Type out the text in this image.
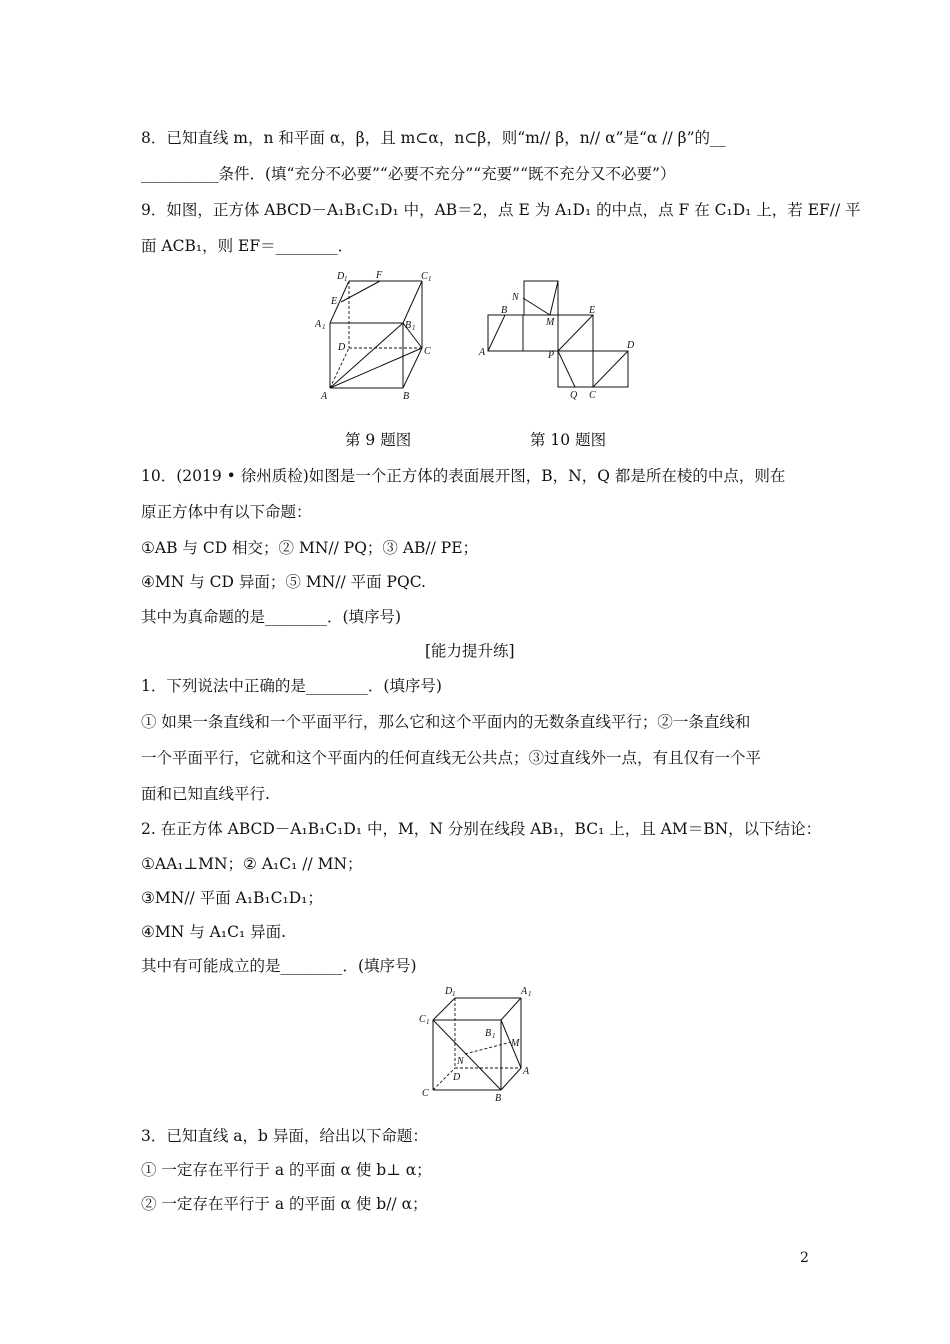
8．已知直线 m，n 和平面 α，β，且 m⊂α，n⊂β，则“m// β，n// α”是“α // β”的__
__________条件．(填“充分不必要”“必要不充分”“充要”“既不充分又不必要”）
9．如图，正方体 ABCD－A₁B₁C₁D₁ 中，AB＝2，点 E 为 A₁D₁ 的中点，点 F 在 C₁D₁ 上，若 EF// 平
面 ACB₁，则 EF＝________．
D 1	F	C 1
E
A 1	B 1
D	C
A	B
N
B
M
E
A	P
D
Q C
第 9 题图	第 10 题图
10．(2019 • 徐州质检)如图是一个正方体的表面展开图，B，N，Q 都是所在棱的中点，则在
原正方体中有以下命题：
①AB 与 CD 相交；② MN// PQ；③ AB// PE；
④MN 与 CD 异面；⑤ MN// 平面 PQC.
其中为真命题的是________．(填序号)
[能力提升练]
1．下列说法中正确的是________．(填序号)
① 如果一条直线和一个平面平行，那么它和这个平面内的无数条直线平行；②一条直线和
一个平面平行，它就和这个平面内的任何直线无公共点；③过直线外一点，有且仅有一个平
面和已知直线平行.
2. 在正方体 ABCD－A₁B₁C₁D₁ 中，M，N 分别在线段 AB₁，BC₁ 上，且 AM＝BN，以下结论：
①AA₁⊥MN；② A₁C₁ // MN；
③MN// 平面 A₁B₁C₁D₁；
④MN 与 A₁C₁ 异面.
其中有可能成立的是________．(填序号)
D 1	A 1
C 1
B 1
M
N
D
A
C	B
3．已知直线 a，b 异面，给出以下命题：
① 一定存在平行于 a 的平面 α 使 b⊥ α；
② 一定存在平行于 a 的平面 α 使 b// α；
2
